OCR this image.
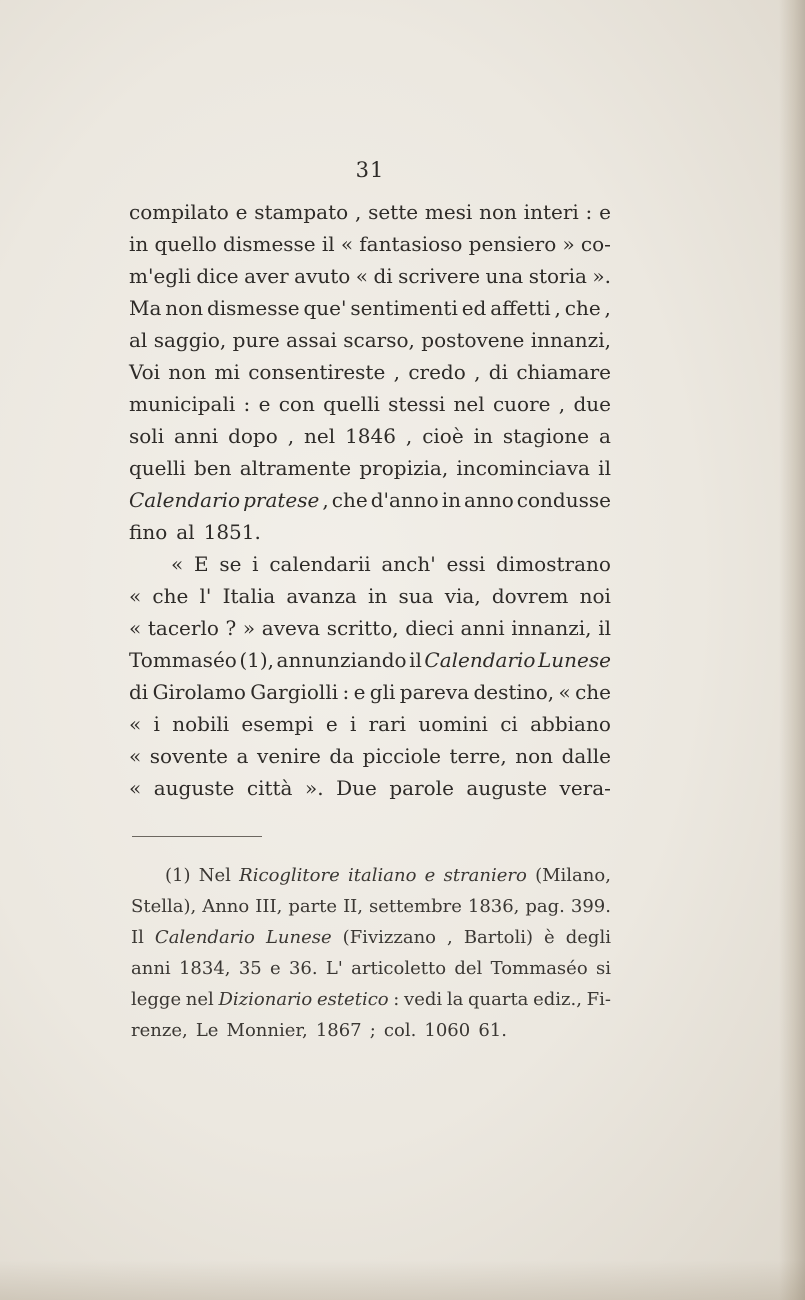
31
compilato e stampato , sette mesi non interi : e
in quello dismesse il « fantasioso pensiero » co-
m'egli dice aver avuto « di scrivere una storia ».
Ma non dismesse que' sentimenti ed affetti , che ,
al saggio, pure assai scarso, postovene innanzi,
Voi non mi consentireste , credo , di chiamare
municipali : e con quelli stessi nel cuore , due
soli anni dopo , nel 1846 , cioè in stagione a
quelli ben altramente propizia, incominciava il
Calendario pratese , che d'anno in anno condusse
fino al 1851.
« E se i calendarii anch' essi dimostrano
« che l' Italia avanza in sua via, dovrem noi
« tacerlo ? » aveva scritto, dieci anni innanzi, il
Tommaséo (1), annunziando il Calendario Lunese
di Girolamo Gargiolli : e gli pareva destino, « che
« i nobili esempi e i rari uomini ci abbiano
« sovente a venire da picciole terre, non dalle
« auguste città ». Due parole auguste vera-
(1) Nel Ricoglitore italiano e straniero (Milano,
Stella), Anno III, parte II, settembre 1836, pag. 399.
Il Calendario Lunese (Fivizzano , Bartoli) è degli
anni 1834, 35 e 36. L' articoletto del Tommaséo si
legge nel Dizionario estetico : vedi la quarta ediz., Fi-
renze, Le Monnier, 1867 ; col. 1060 61.
